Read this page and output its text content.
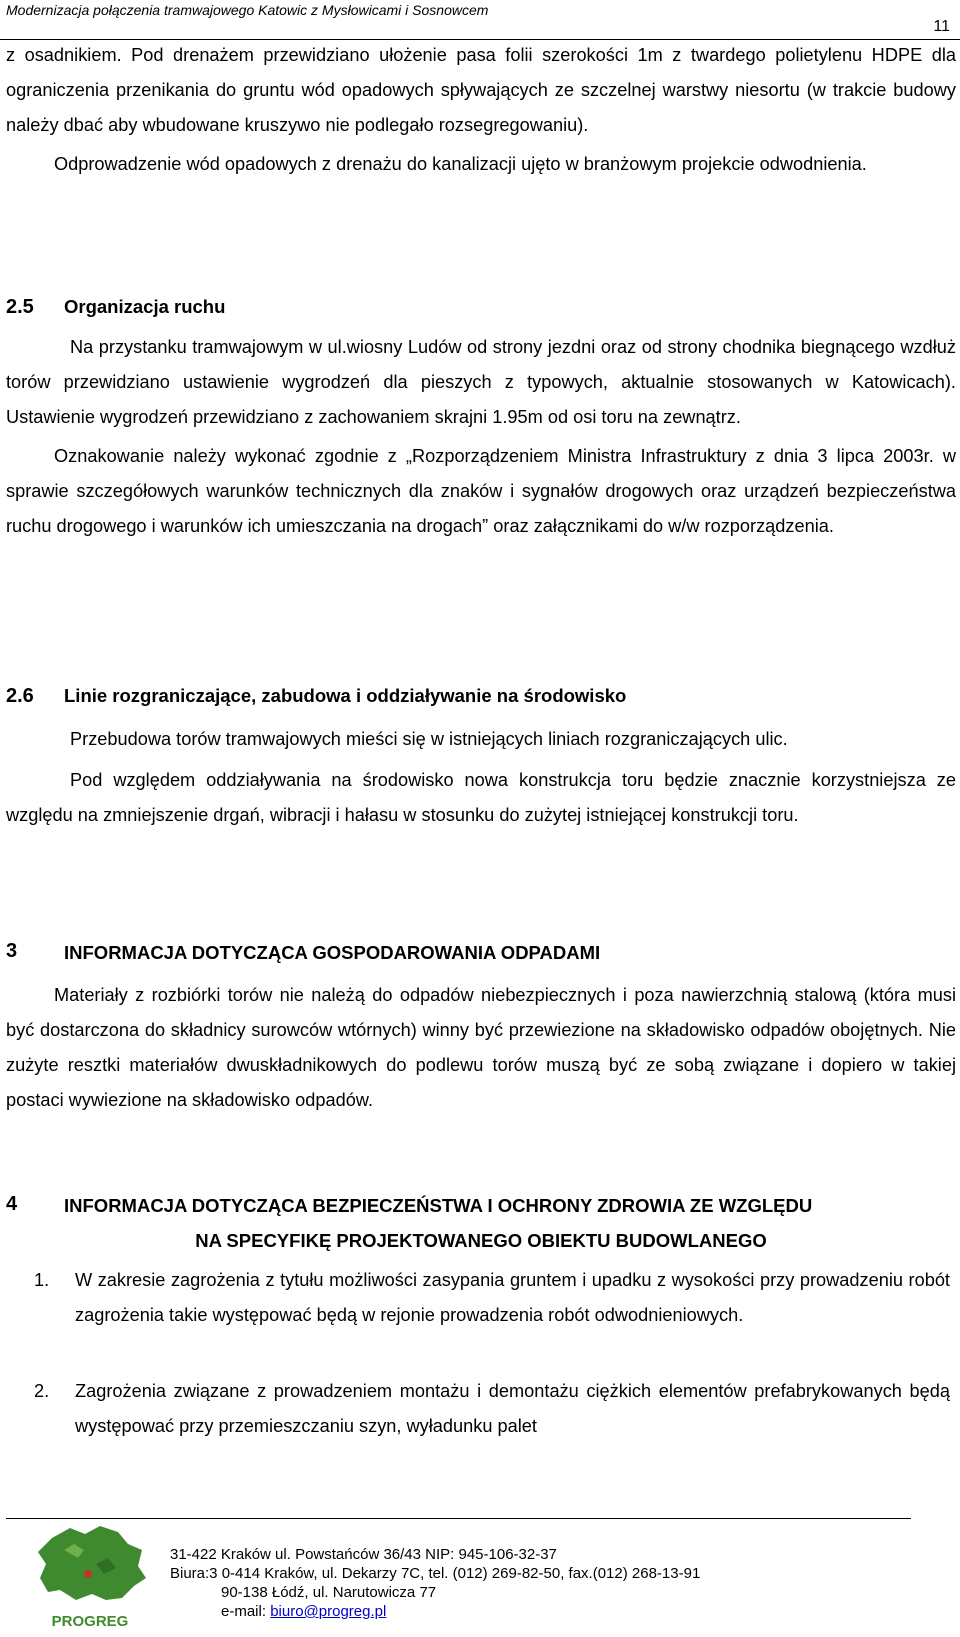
Modernizacja połączenia tramwajowego Katowic z Mysłowicami i Sosnowcem
11

z osadnikiem. Pod drenażem przewidziano ułożenie pasa folii szerokości 1m z twardego polietylenu HDPE dla ograniczenia przenikania do gruntu wód opadowych spływających ze szczelnej warstwy niesortu (w trakcie budowy należy dbać aby wbudowane kruszywo nie podlegało rozsegregowaniu).

Odprowadzenie wód opadowych z drenażu do kanalizacji ujęto w branżowym projekcie odwodnienia.

2.5 Organizacja ruchu

Na przystanku tramwajowym w ul.wiosny Ludów od strony jezdni oraz od strony chodnika biegnącego wzdłuż torów przewidziano ustawienie wygrodzeń dla pieszych z typowych, aktualnie stosowanych w Katowicach). Ustawienie wygrodzeń przewidziano z zachowaniem skrajni 1.95m od osi toru na zewnątrz.

Oznakowanie należy wykonać zgodnie z „Rozporządzeniem Ministra Infrastruktury z dnia 3 lipca 2003r. w sprawie szczegółowych warunków technicznych dla znaków i sygnałów drogowych oraz urządzeń bezpieczeństwa ruchu drogowego i warunków ich umieszczania na drogach” oraz załącznikami do w/w rozporządzenia.

2.6 Linie rozgraniczające, zabudowa i oddziaływanie na środowisko

Przebudowa torów tramwajowych mieści się w istniejących liniach rozgraniczających ulic.

Pod względem oddziaływania na środowisko nowa konstrukcja toru będzie znacznie korzystniejsza ze względu na zmniejszenie drgań, wibracji i hałasu w stosunku do zużytej istniejącej konstrukcji toru.

3	INFORMACJA DOTYCZĄCA GOSPODAROWANIA ODPADAMI

Materiały z rozbiórki torów nie należą do odpadów niebezpiecznych i poza nawierzchnią stalową (która musi być dostarczona do składnicy surowców wtórnych) winny być przewiezione na składowisko odpadów obojętnych. Nie zużyte resztki materiałów dwuskładnikowych do podlewu torów muszą być ze sobą związane i dopiero w takiej postaci wywiezione na składowisko odpadów.

4	INFORMACJA DOTYCZĄCA BEZPIECZEŃSTWA I OCHRONY ZDROWIA ZE WZGLĘDU
NA SPECYFIKĘ PROJEKTOWANEGO OBIEKTU BUDOWLANEGO
1. W zakresie zagrożenia z tytułu możliwości zasypania gruntem i upadku z wysokości przy prowadzeniu robót zagrożenia takie występować będą w rejonie prowadzenia robót odwodnieniowych.
2. Zagrożenia związane z prowadzeniem montażu i demontażu ciężkich elementów prefabrykowanych będą występować przy przemieszczaniu szyn, wyładunku palet
PROGREG
31-422 Kraków ul. Powstańców 36/43 NIP: 945-106-32-37
Biura:3 0-414 Kraków, ul. Dekarzy 7C, tel. (012) 269-82-50, fax.(012) 268-13-91
90-138 Łódź, ul. Narutowicza 77
e-mail: biuro@progreg.pl
